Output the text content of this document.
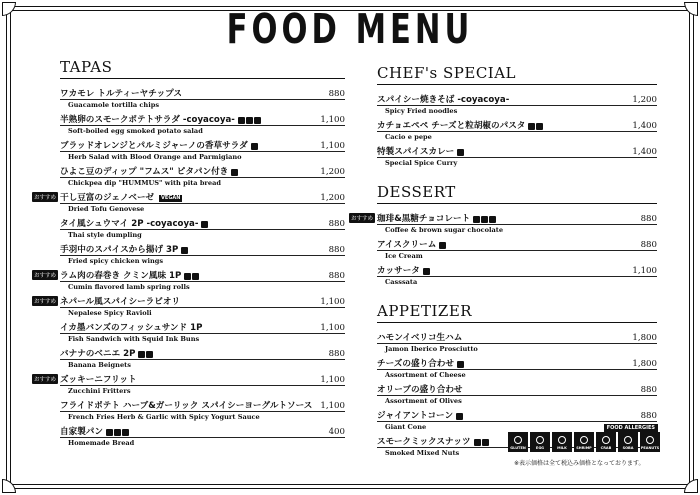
FOOD MENU
TAPAS
ワカモレ トルティーヤチップス	880
Guacamole tortilla chips
半熟卵のスモークポテトサラダ -coyacoya-	1,100
Soft-boiled egg smoked potato salad
ブラッドオレンジとパルミジャーノの香草サラダ	1,100
Herb Salad with Blood Orange and Parmigiano
ひよこ豆のディップ "フムス" ピタパン付き	1,200
Chickpea dip "HUMMUS" with pita bread
おすすめ 干し豆富のジェノベーゼ	VEGAN	1,200
Dried Tofu Genovese
タイ風シュウマイ 2P -coyacoya-	880
Thai style dumpling
手羽中のスパイスから揚げ 3P	880
Fried spicy chicken wings
おすすめ ラム肉の春巻き クミン風味 1P	880
Cumin flavored lamb spring rolls
おすすめ ネパール風スパイシーラビオリ	1,100
Nepalese Spicy Ravioli
イカ墨バンズのフィッシュサンド 1P	1,100
Fish Sandwich with Squid Ink Buns
バナナのベニエ 2P	880
Banana Beignets
おすすめ ズッキーニフリット	1,100
Zucchini Fritters
フライドポテト ハーブ&ガーリック スパイシーヨーグルトソース 1,100
French Fries Herb & Garlic with Spicy Yogurt Sauce
自家製パン	400
Homemade Bread
CHEF's SPECIAL
スパイシー焼きそば -coyacoya-	1,200
Spicy Fried noodles
カチョエペペ チーズと粒胡椒のパスタ	1,400
Cacio e pepe
特製スパイスカレー	1,400
Special Spice Curry
DESSERT
おすすめ 珈琲&黒糖チョコレート	880
Coffee & brown sugar chocolate
アイスクリーム	880
Ice Cream
カッサータ	1,100
Casssata
APPETIZER
ハモンイベリコ生ハム	1,800
Jamon Iberico Prosciutto
チーズの盛り合わせ	1,800
Assortment of Cheese
オリーブの盛り合わせ	880
Assortment of Olives
ジャイアントコーン	880
Giant Cone
スモークミックスナッツ
Smoked Mixed Nuts
FOOD ALLERGIES
GLUTEN	EGG	MILK	SHRIMP	CRAB	SOBA PEANUTS
※表示価格は全て税込み価格となっております。
